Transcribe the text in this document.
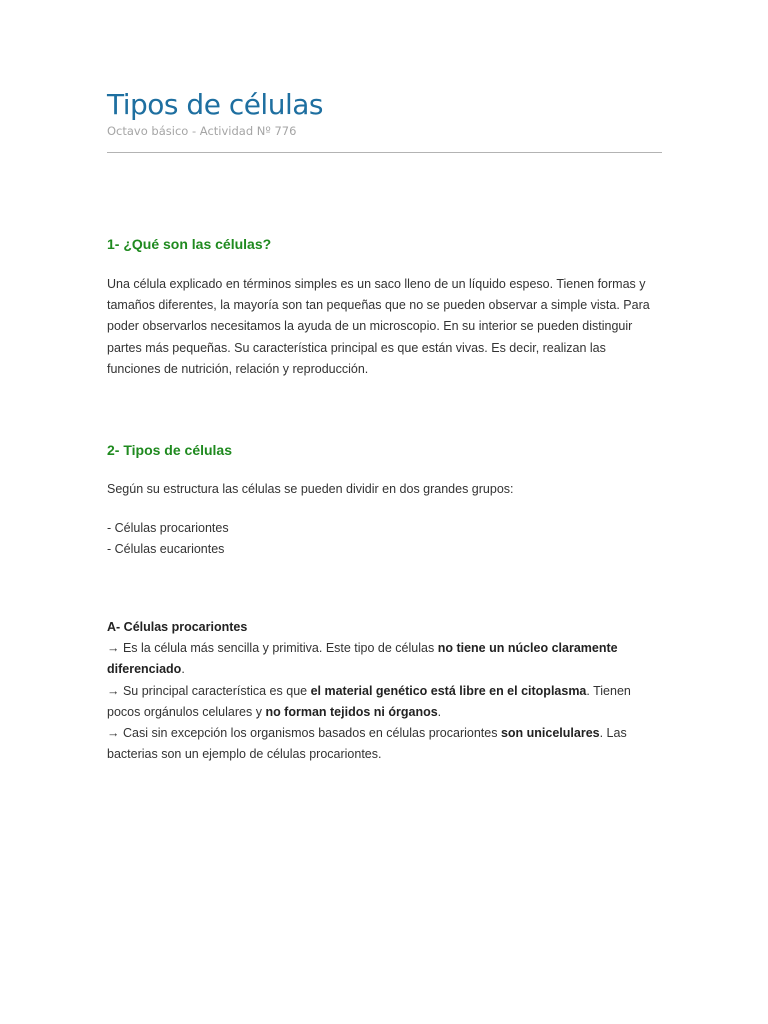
Tipos de células

Octavo básico - Actividad Nº 776

1- ¿Qué son las células?
Una célula explicado en términos simples es un saco lleno de un líquido espeso. Tienen formas y
tamaños diferentes, la mayoría son tan pequeñas que no se pueden observar a simple vista. Para
poder observarlos necesitamos la ayuda de un microscopio. En su interior se pueden distinguir
partes más pequeñas. Su característica principal es que están vivas. Es decir, realizan las
funciones de nutrición, relación y reproducción.
2- Tipos de células
Según su estructura las células se pueden dividir en dos grandes grupos:
- Células procariontes
- Células eucariontes
A- Células procariontes
→ Es la célula más sencilla y primitiva. Este tipo de células no tiene un núcleo claramente
diferenciado.
→ Su principal característica es que el material genético está libre en el citoplasma. Tienen
pocos orgánulos celulares y no forman tejidos ni órganos.
→ Casi sin excepción los organismos basados en células procariontes son unicelulares. Las
bacterias son un ejemplo de células procariontes.
